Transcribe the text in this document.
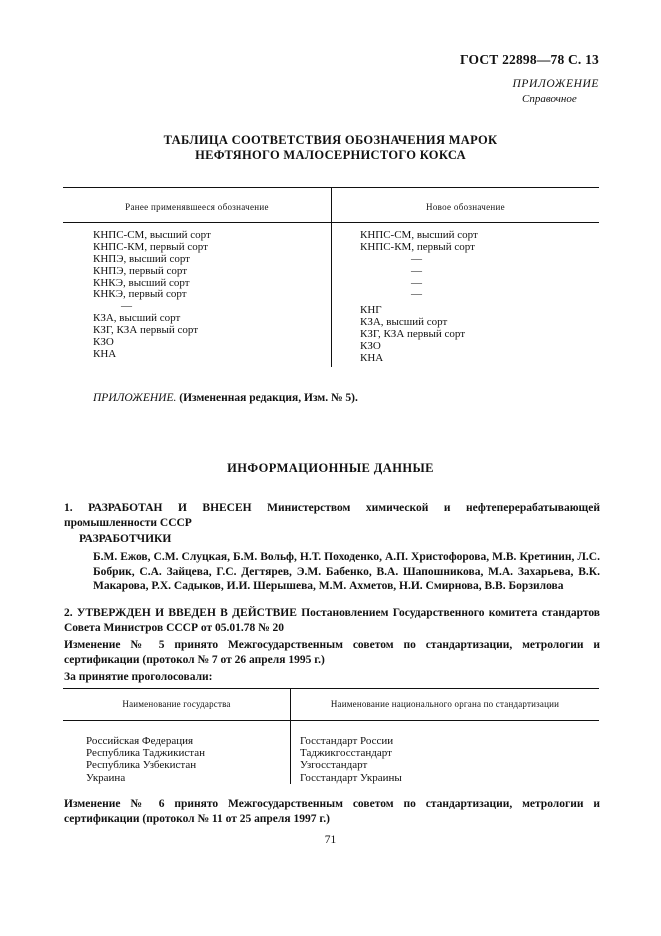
ГОСТ 22898—78 С. 13
ПРИЛОЖЕНИЕ
Справочное
ТАБЛИЦА СООТВЕТСТВИЯ ОБОЗНАЧЕНИЯ МАРОК
НЕФТЯНОГО МАЛОСЕРНИСТОГО КОКСА
Ранее применявшееся обозначение	Новое обозначение
КНПС-СМ, высший сорт
КНПС-КМ, первый сорт
КНПЭ, высший сорт
КНПЭ, первый сорт
КНКЭ, высший сорт
КНКЭ, первый сорт
—
КЗА, высший сорт
КЗГ, КЗА первый сорт
КЗО
КНА
КНПС-СМ, высший сорт
КНПС-КМ, первый сорт
—
—
—
—
КНГ
КЗА, высший сорт
КЗГ, КЗА первый сорт
КЗО
КНА
ПРИЛОЖЕНИЕ. (Измененная редакция, Изм. № 5).
ИНФОРМАЦИОННЫЕ ДАННЫЕ
1. РАЗРАБОТАН И ВНЕСЕН Министерством химической и нефтеперерабатывающей промышленности СССР
РАЗРАБОТЧИКИ
Б.М. Ежов, С.М. Слуцкая, Б.М. Вольф, Н.Т. Походенко, А.П. Христофорова, М.В. Кретинин, Л.С. Бобрик, С.А. Зайцева, Г.С. Дегтярев, Э.М. Бабенко, В.А. Шапошникова, М.А. Захарьева, В.К. Макарова, Р.Х. Садыков, И.И. Шерышева, М.М. Ахметов, Н.И. Смирнова, В.В. Борзилова
2. УТВЕРЖДЕН И ВВЕДЕН В ДЕЙСТВИЕ Постановлением Государственного комитета стандартов Совета Министров СССР от 05.01.78 № 20
Изменение № 5 принято Межгосударственным советом по стандартизации, метрологии и сертификации (протокол № 7 от 26 апреля 1995 г.)
За принятие проголосовали:
Наименование государства	Наименование национального органа по стандартизации
Российская Федерация
Республика Таджикистан
Республика Узбекистан
Украина
Госстандарт России
Таджикгосстандарт
Узгосстандарт
Госстандарт Украины
Изменение № 6 принято Межгосударственным советом по стандартизации, метрологии и сертификации (протокол № 11 от 25 апреля 1997 г.)
71
